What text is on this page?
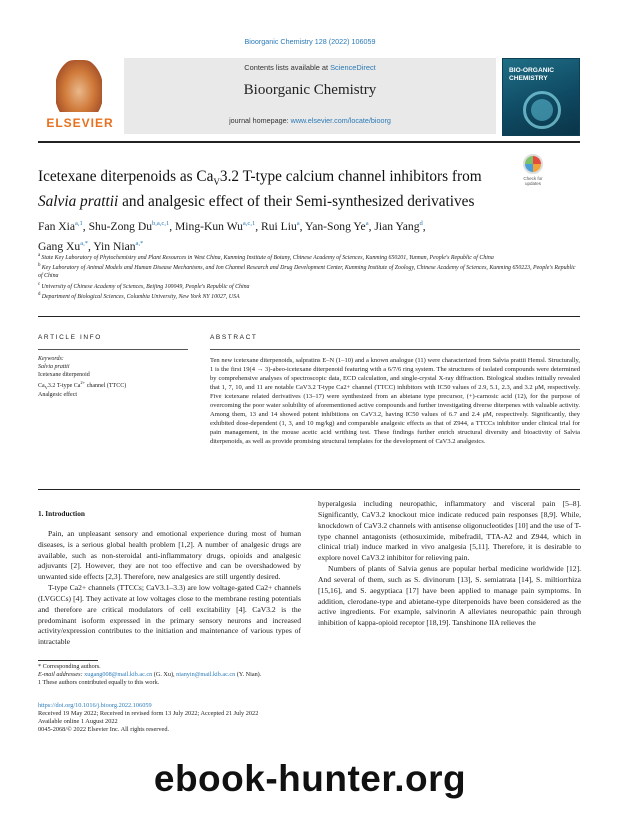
Bioorganic Chemistry 128 (2022) 106059
ELSEVIER
Contents lists available at ScienceDirect
Bioorganic Chemistry
journal homepage: www.elsevier.com/locate/bioorg
BIO-ORGANIC CHEMISTRY
Icetexane diterpenoids as $Ca_V3.2$ T-type calcium channel inhibitors from
Salvia prattii and analgesic effect of their Semi-synthesized derivatives
Check for updates
Fan Xia$^{a,1}$, Shu-Zong Du$^{b,a,c,1}$, Ming-Kun Wu$^{a,c,1}$, Rui Liu$^a$, Yan-Song Ye$^a$, Jian Yang$^d$,
Gang $Xu^{a,*}$, Yin Nian$^{a,*}$

$^a$ State Key Laboratory of Phytochemistry and Plant Resources in West China, Kunming Institute of Botany, Chinese Academy of Sciences, Kunming 650201, Yunnan, People's Republic of China

$^b$ Key Laboratory of Animal Models and Human Disease Mechanisms, and Ion Channel Research and Drug Development Center, Kunming Institute of Zoology, Chinese Academy of Sciences, Kunming 650223, People's Republic of China

$^c$ University of Chinese Academy of Sciences, Beijing 100049, People's Republic of China

$^d$ Department of Biological Sciences, Columbia University, New York NY 10027, USA

ARTICLE INFO
Keywords:
Salvia prattii
Icetexane diterpenoid
$Ca_V3.2$ T-type $Ca^{2+}$ channel (TTCC)
Analgesic effect
ABSTRACT
Ten new icetexane diterpenoids, salpratins E–N (1–10) and a known analogue (11) were characterized from Salvia prattii Hemsl. Structurally, 1 is the first 19(4 → 3)-abeo-icetexane diterpenoid featuring with a 6/7/6 ring system. The structures of isolated compounds were determined by comprehensive analyses of spectroscopic data, ECD calculation, and single-crystal X-ray diffraction. Biological studies initially revealed that 1, 7, 10, and 11 are notable CaV3.2 T-type Ca2+ channel (TTCC) inhibitors with IC50 values of 2.9, 5.1, 2.3, and 3.2 μM, respectively. Five icetexane related derivatives (13–17) were synthesized from an abietane type precursor, (+)-carnosic acid (12), for the purpose of overcoming the poor water solubility of aforementioned active compounds and further investigating diverse diterpenes with valuable activity. Among them, 13 and 14 showed potent inhibitions on CaV3.2, having IC50 values of 6.7 and 2.4 μM, respectively. Significantly, they exhibited dose-dependent (1, 3, and 10 mg/kg) and comparable analgesic effects as that of Z944, a TTCCs inhibitor under clinical trial for pain management, in the mouse acetic acid writhing test. These findings further enrich structural diversity and bioactivity of Salvia diterpenoids, as well as provide promising structural templates for the development of CaV3.2 analgesics.
1. Introduction

Pain, an unpleasant sensory and emotional experience during most of human diseases, is a serious global health problem [1,2]. A number of analgesic drugs are available, such as non-steroidal anti-inflammatory drugs, opioids and analgesic adjuvants [2]. However, they are not too effective and can be overshadowed by unwanted side effects [2,3]. Therefore, new analgesics are still urgently desired.

T-type Ca2+ channels (TTCCs; CaV3.1–3.3) are low voltage-gated Ca2+ channels (LVGCCs) [4]. They activate at low voltages close to the membrane resting potentials and therefore are critical modulators of cell excitability [4]. CaV3.2 is the predominant isoform expressed in the primary sensory neurons and increased activity/expression contributes to the initiation and maintenance of various types of intractable

hyperalgesia including neuropathic, inflammatory and visceral pain [5–8]. Significantly, CaV3.2 knockout mice indicate reduced pain responses [8,9]. While, knockdown of CaV3.2 channels with antisense oligonucleotides [10] and the use of T-type channel antagonists (ethosuximide, mibefradil, TTA-A2 and Z944, which in clinical trial) induce marked in vivo analgesia [5,11]. Therefore, it is desirable to explore novel CaV3.2 inhibitor for relieving pain.

Numbers of plants of Salvia genus are popular herbal medicine worldwide [12]. And several of them, such as S. divinorum [13], S. semiatrata [14], S. miltiorrhiza [15,16], and S. aegyptiaca [17] have been applied to manage pain symptoms. In addition, clerodane-type and abietane-type diterpenoids have been considered as the active ingredients. For example, salvinorin A alleviates neuropathic pain through inhibition of kappa-opioid receptor [18,19]. Tanshinone IIA relieves the

* Corresponding authors.
E-mail addresses: xugang008@mail.kib.ac.cn (G. Xu), nianyin@mail.kib.ac.cn (Y. Nian).
1 These authors contributed equally to this work.
https://doi.org/10.1016/j.bioorg.2022.106059
Received 19 May 2022; Received in revised form 13 July 2022; Accepted 21 July 2022
Available online 1 August 2022
0045-2068/© 2022 Elsevier Inc. All rights reserved.
ebook-hunter.org
